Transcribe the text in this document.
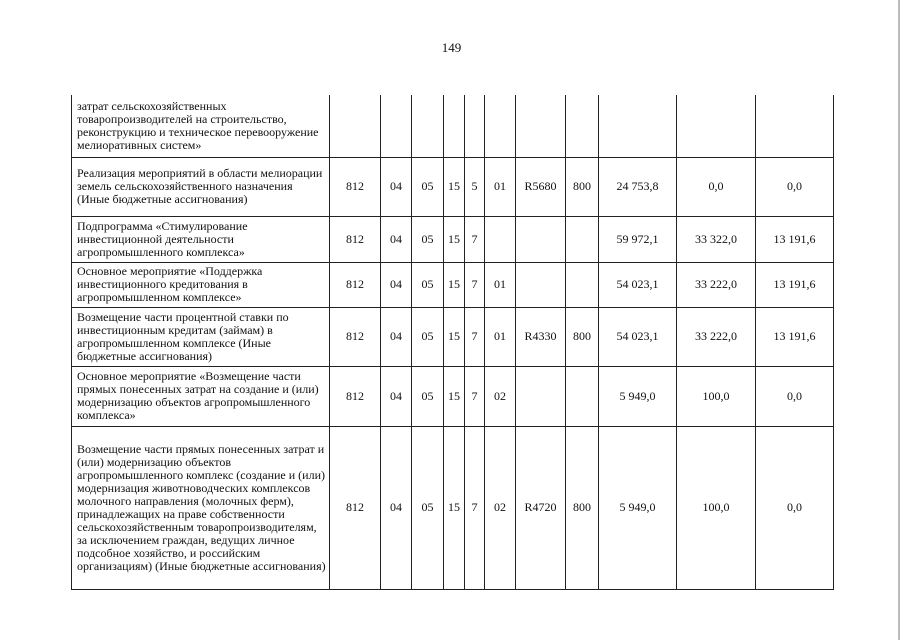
149
затрат сельскохозяйственных товаропроизводителей на строительство, реконструкцию и техническое перевооружение мелиоративных систем»											
Реализация мероприятий в области мелиорации земель сельскохозяйственного назначения (Иные бюджетные ассигнования)	812	04	05	15	5	01	R5680	800	24 753,8	0,0	0,0
Подпрограмма «Стимулирование инвестиционной деятельности агропромышленного комплекса»	812	04	05	15	7				59 972,1	33 322,0	13 191,6
Основное мероприятие «Поддержка инвестиционного кредитования в агропромышленном комплексе»	812	04	05	15	7	01			54 023,1	33 222,0	13 191,6
Возмещение части процентной ставки по инвестиционным кредитам (займам) в агропромышленном комплексе (Иные бюджетные ассигнования)	812	04	05	15	7	01	R4330	800	54 023,1	33 222,0	13 191,6
Основное мероприятие «Возмещение части прямых понесенных затрат на создание и (или) модернизацию объектов агропромышленного комплекса»	812	04	05	15	7	02			5 949,0	100,0	0,0
Возмещение части прямых понесенных затрат и (или) модернизацию объектов агропромышленного комплекс (создание и (или) модернизация животноводческих комплексов молочного направления (молочных ферм), принадлежащих на праве собственности сельскохозяйственным товаропроизводителям, за исключением граждан, ведущих личное подсобное хозяйство, и российским организациям) (Иные бюджетные ассигнования)	812	04	05	15	7	02	R4720	800	5 949,0	100,0	0,0
